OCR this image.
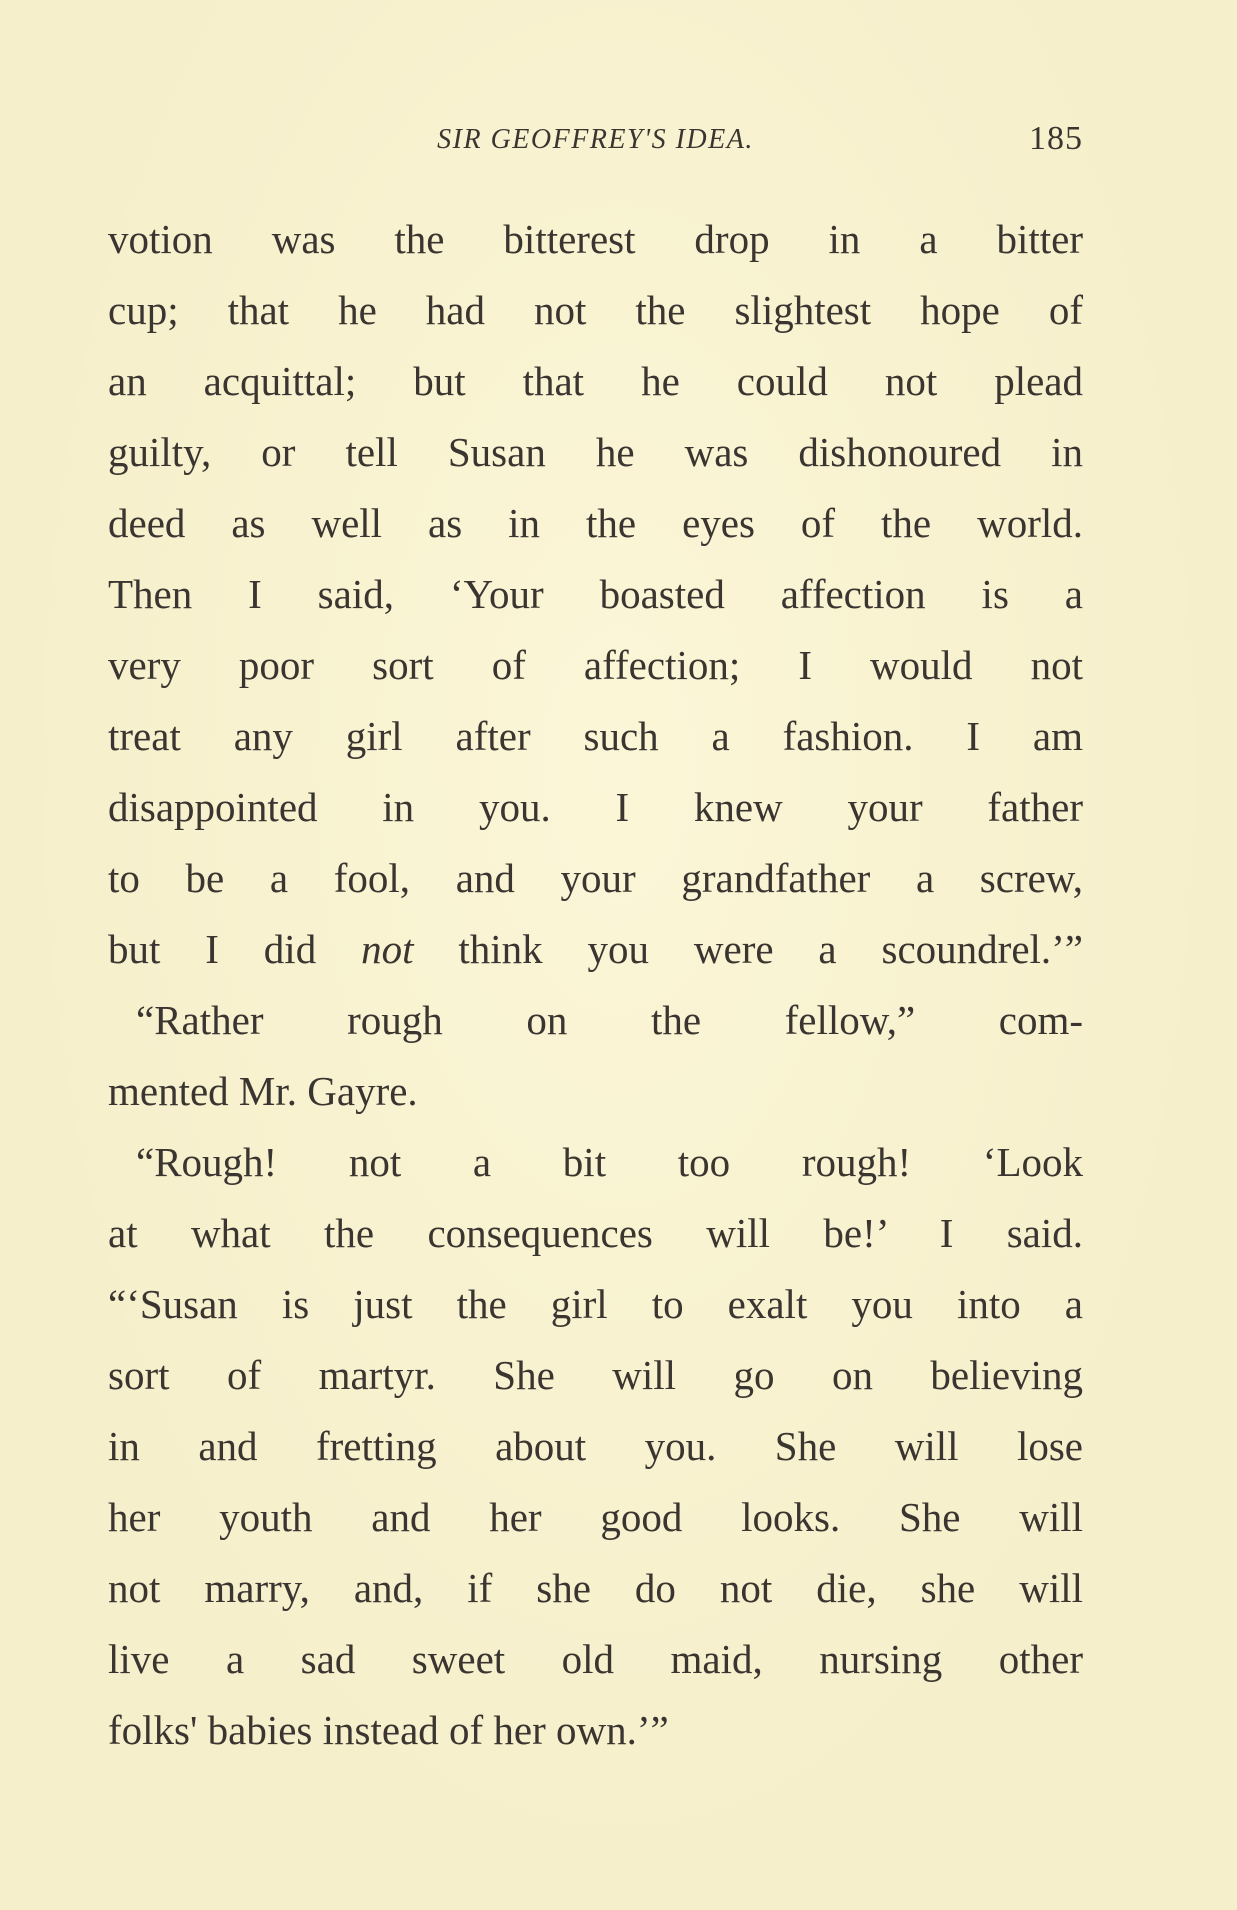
SIR GEOFFREY'S IDEA.	185
votion was the bitterest drop in a bitter
cup; that he had not the slightest hope of
an acquittal; but that he could not plead
guilty, or tell Susan he was dishonoured in
deed as well as in the eyes of the world.
Then I said, ‘Your boasted affection is a
very poor sort of affection; I would not
treat any girl after such a fashion. I am
disappointed in you. I knew your father
to be a fool, and your grandfather a screw,
but I did not think you were a scoundrel.’”
“Rather rough on the fellow,” com-
mented Mr. Gayre.
“Rough! not a bit too rough! ‘Look
at what the consequences will be!’ I said.
“‘Susan is just the girl to exalt you into a
sort of martyr. She will go on believing
in and fretting about you. She will lose
her youth and her good looks. She will
not marry, and, if she do not die, she will
live a sad sweet old maid, nursing other
folks' babies instead of her own.’”
